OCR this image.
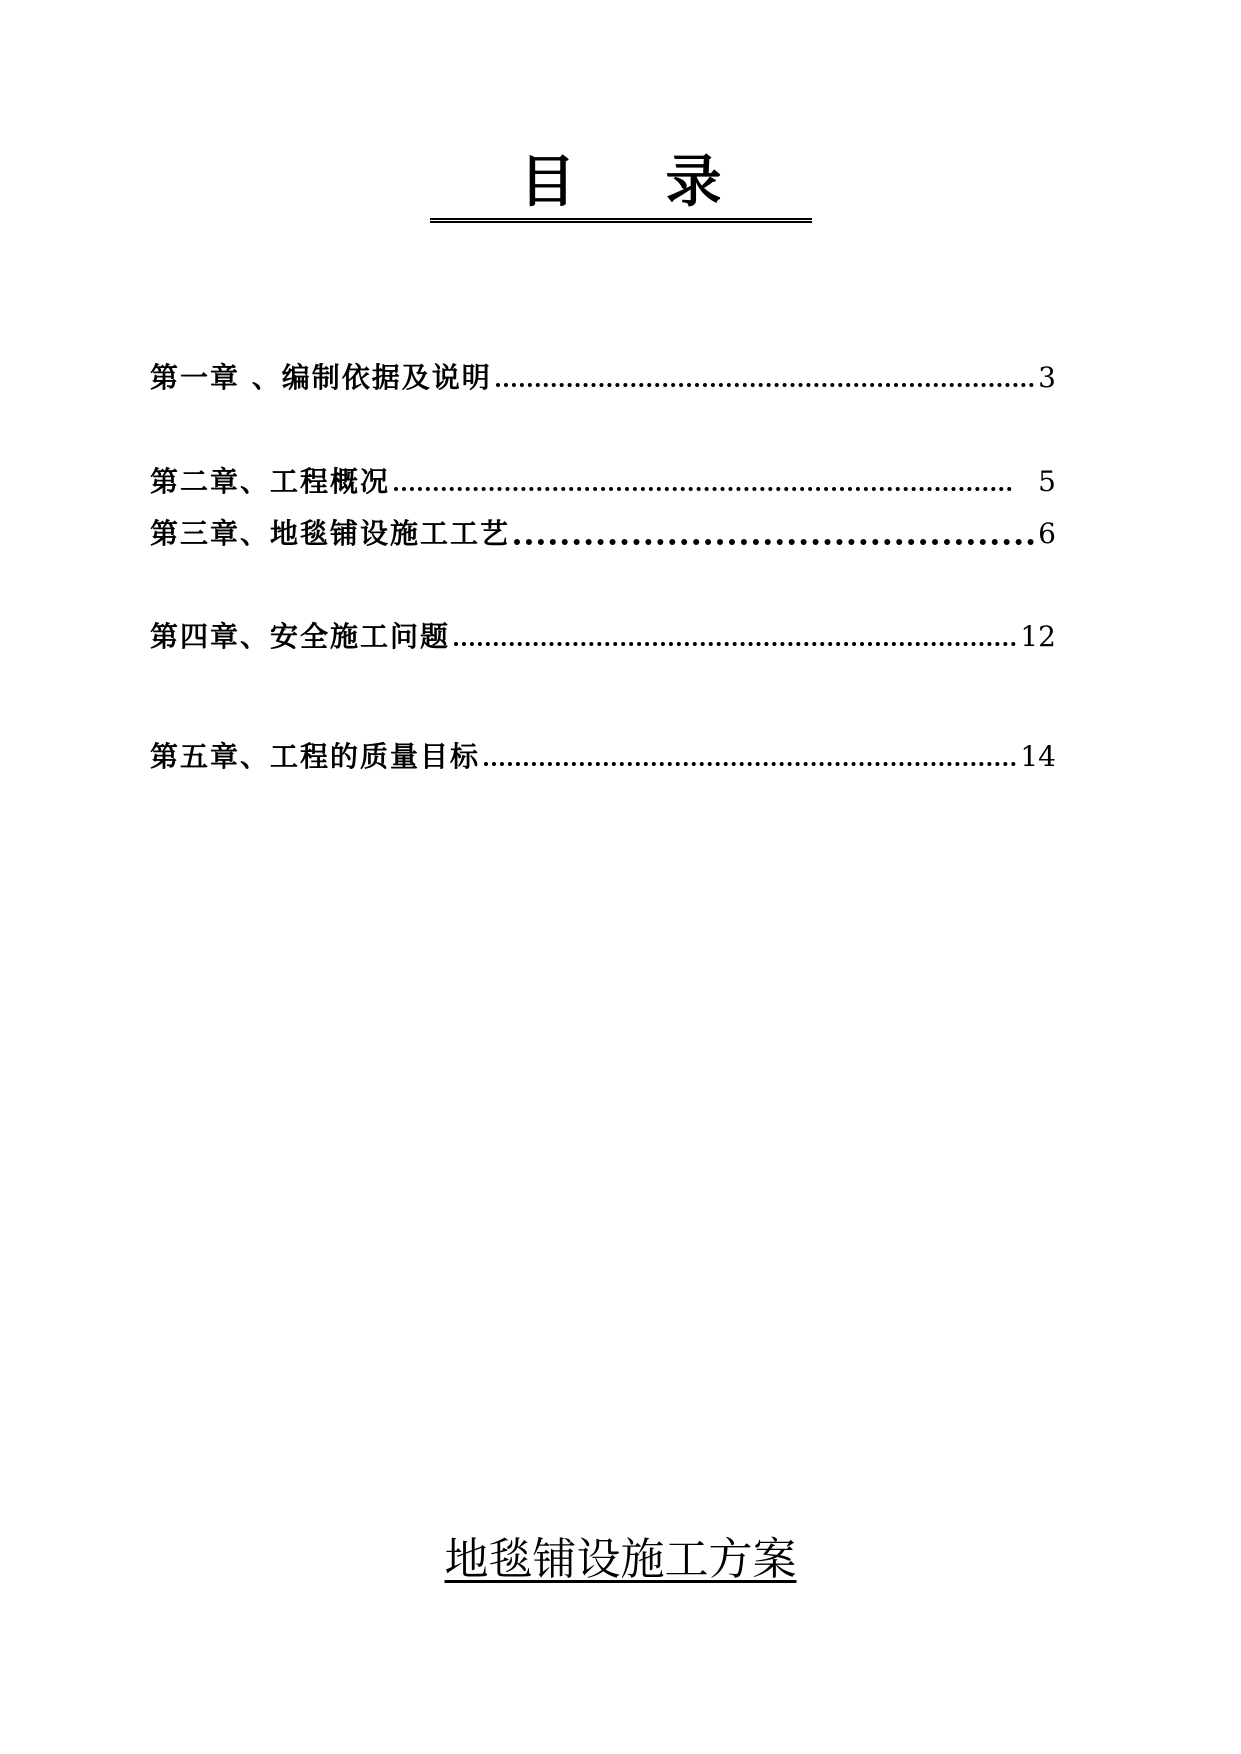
目录
第一章 、编制依据及说明	3
第二章、工程概况	5
第三章、地毯铺设施工工艺	6
第四章、安全施工问题	12
第五章、工程的质量目标	14
地毯铺设施工方案
